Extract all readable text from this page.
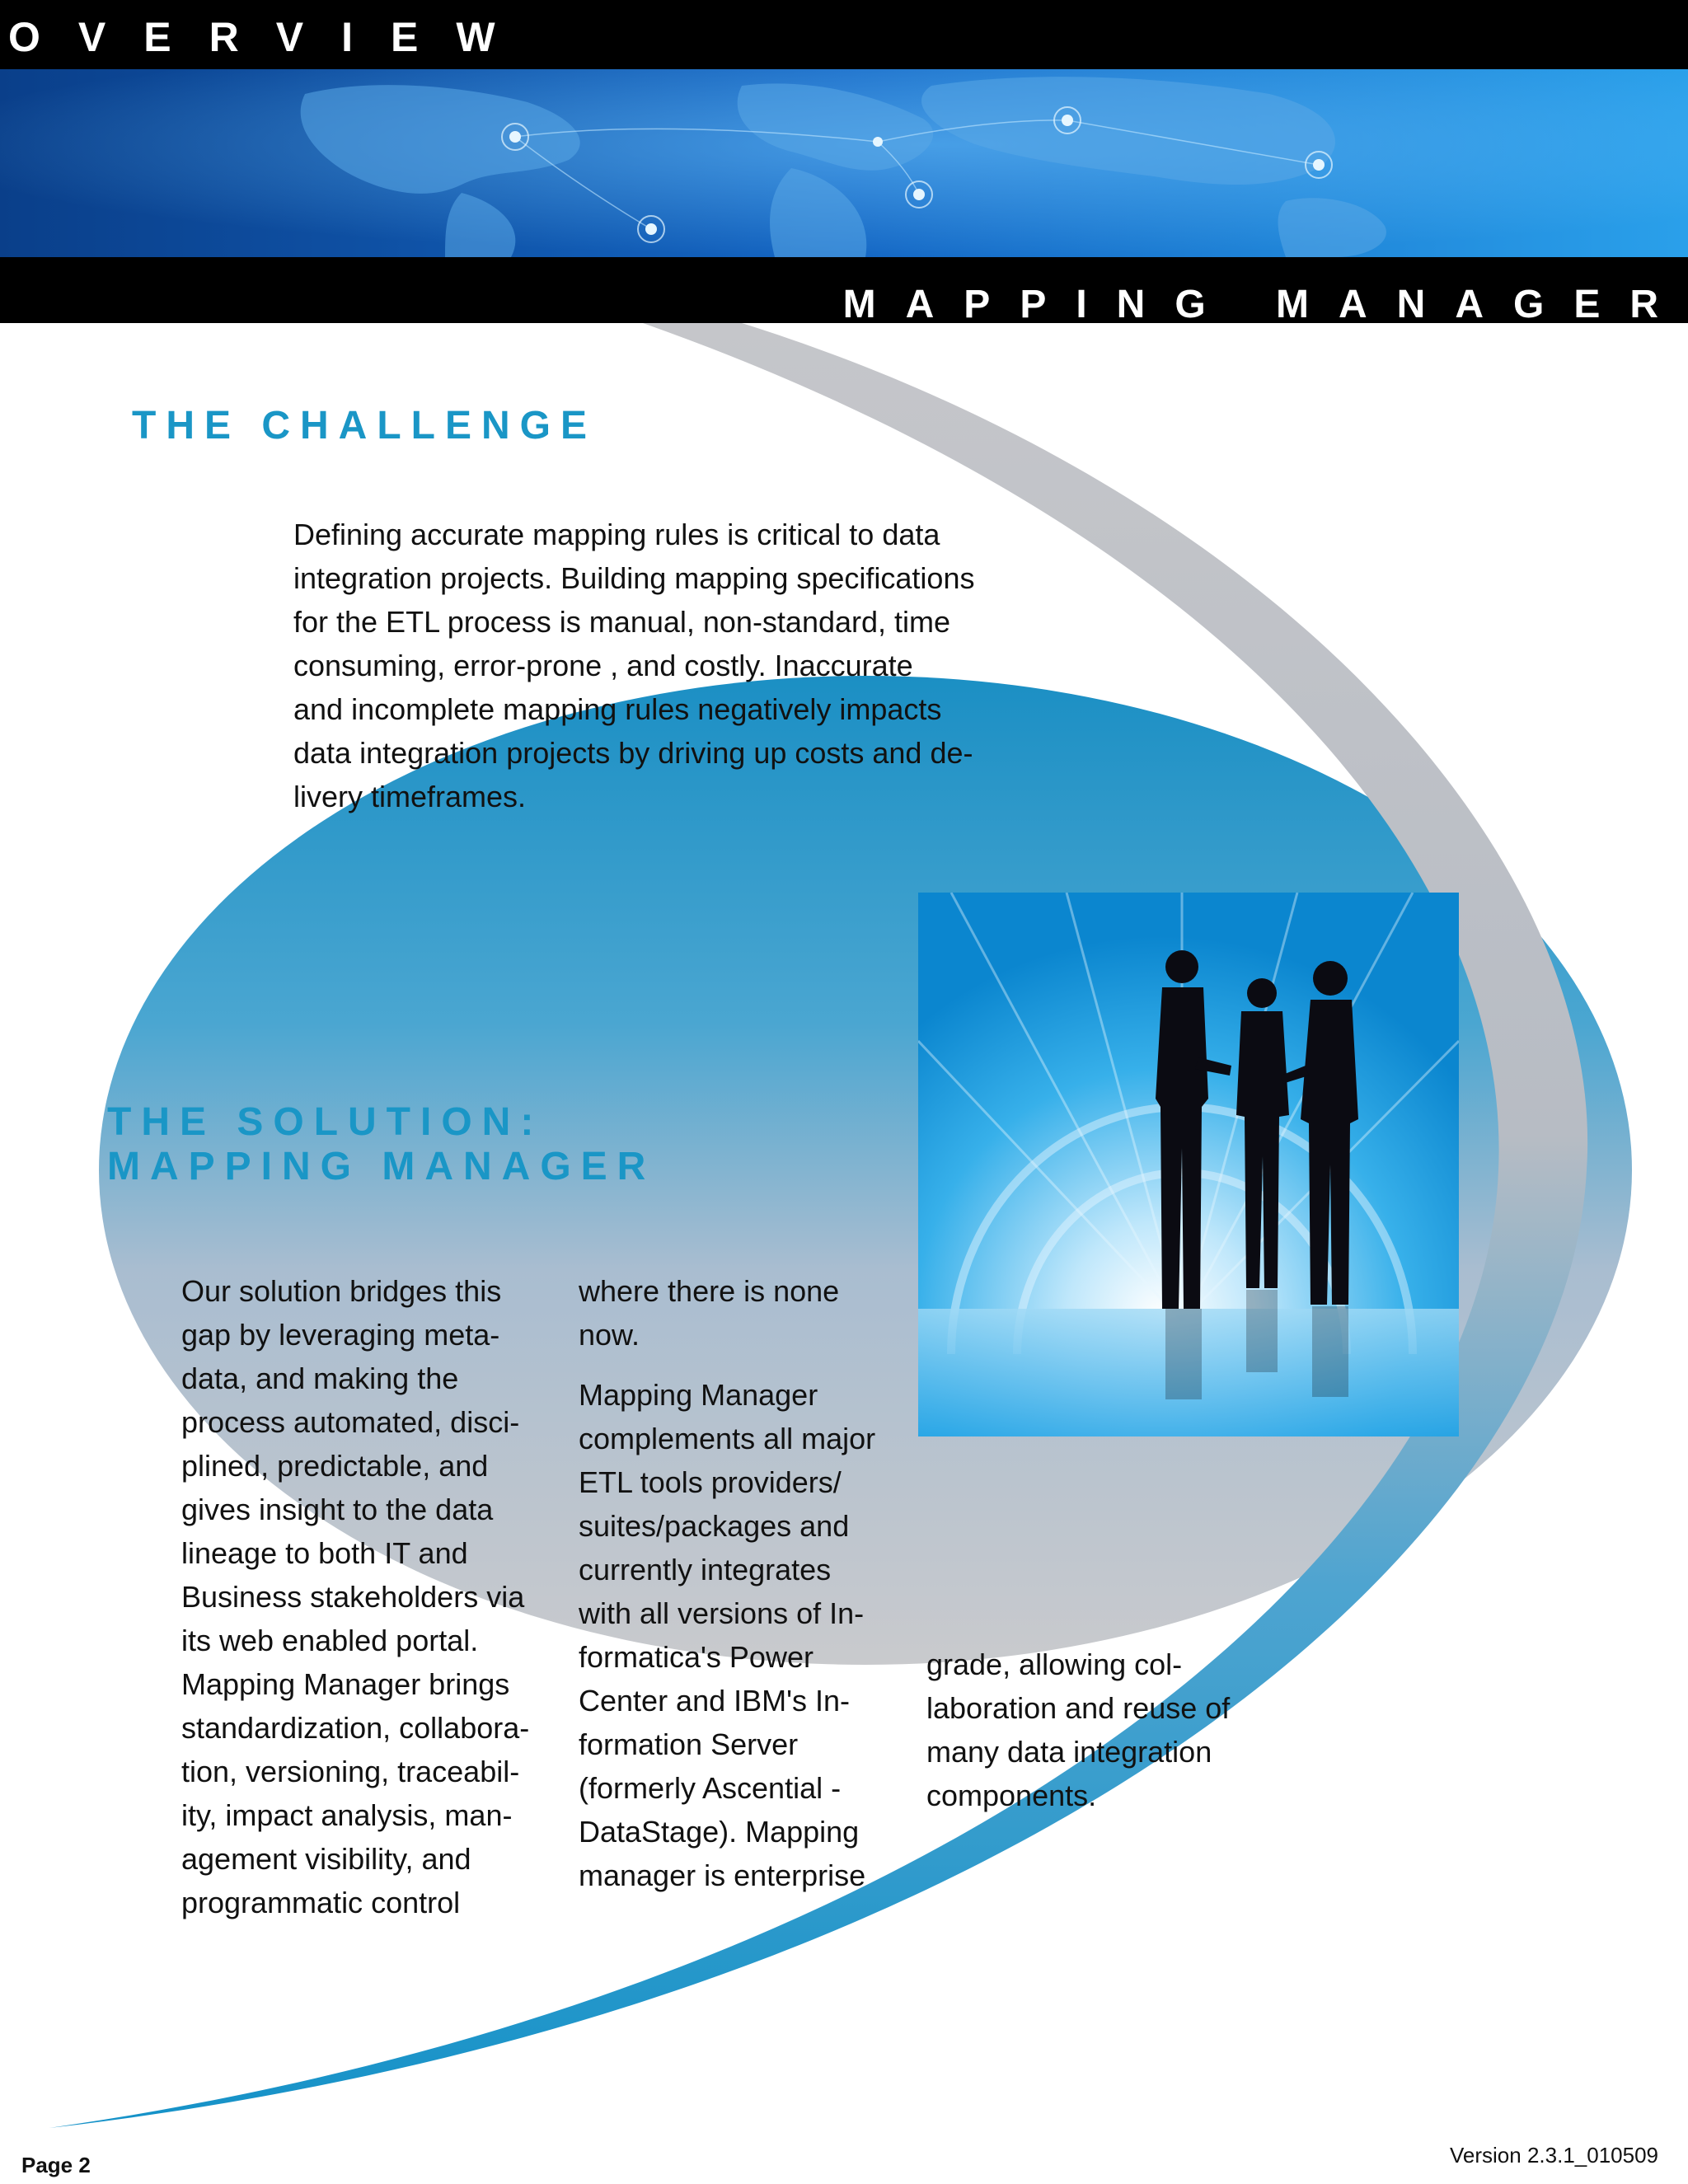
OVERVIEW
MAPPING MANAGER
THE CHALLENGE
Defining accurate mapping rules is critical to data
integration projects. Building mapping specifications
for the ETL process is manual, non-standard, time
consuming, error-prone , and costly. Inaccurate
and incomplete mapping rules negatively impacts
data integration projects by driving up costs and de-
livery timeframes.
THE SOLUTION:
MAPPING MANAGER
Our solution bridges this
gap by leveraging meta-
data, and making the
process automated, disci-
plined, predictable, and
gives insight to the data
lineage to both IT and
Business stakeholders via
its web enabled portal.
Mapping Manager brings
standardization, collabora-
tion, versioning, traceabil-
ity, impact analysis, man-
agement visibility, and
programmatic control
where there is none
now.
Mapping Manager
complements all major
ETL tools providers/
suites/packages and
currently integrates
with all versions of In-
formatica's Power
Center and IBM's In-
formation Server
(formerly Ascential -
DataStage). Mapping
manager is enterprise
grade, allowing col-
laboration and reuse of
many data integration
components.
Page 2	Version 2.3.1_010509
